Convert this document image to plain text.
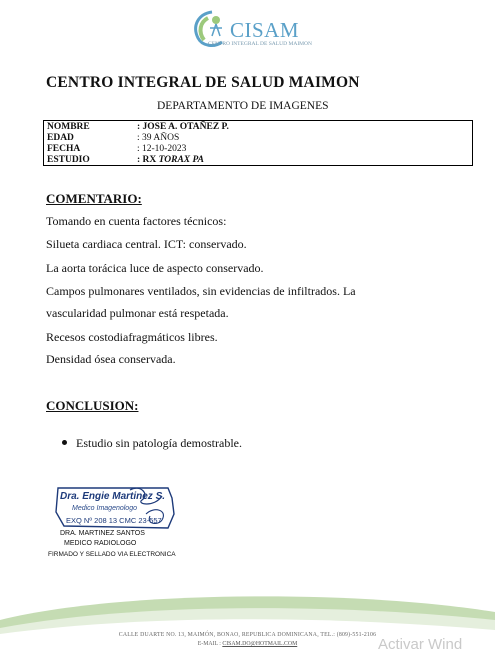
CISAM
CENTRO INTEGRAL DE SALUD MAIMON
CENTRO INTEGRAL DE SALUD MAIMON
DEPARTAMENTO DE IMAGENES
NOMBRE	: JOSE A. OTAÑEZ P.
EDAD	: 39 AÑOS
FECHA	: 12-10-2023
ESTUDIO	: RX TORAX PA
COMENTARIO:
Tomando en cuenta factores técnicos:
Silueta cardiaca central. ICT: conservado.
La aorta torácica luce de aspecto conservado.
Campos pulmonares ventilados, sin evidencias de infiltrados. La
vascularidad pulmonar está respetada.
Recesos costodiafragmáticos libres.
Densidad ósea conservada.
CONCLUSION:
Estudio sin patología demostrable.
Dra. Engie Martinez S.
Medico Imagenologo
EXQ Nº 208 13 CMC 23-557
DRA. MARTINEZ SANTOS
MEDICO RADIOLOGO
FIRMADO Y SELLADO VIA ELECTRONICA
CALLE DUARTE NO. 13, MAIMÓN, BONAO, REPUBLICA DOMINICANA, TEL.: (809)-551-2106
E-MAIL : CISAM.DO@HOTMAIL.COM	Activar Wind
